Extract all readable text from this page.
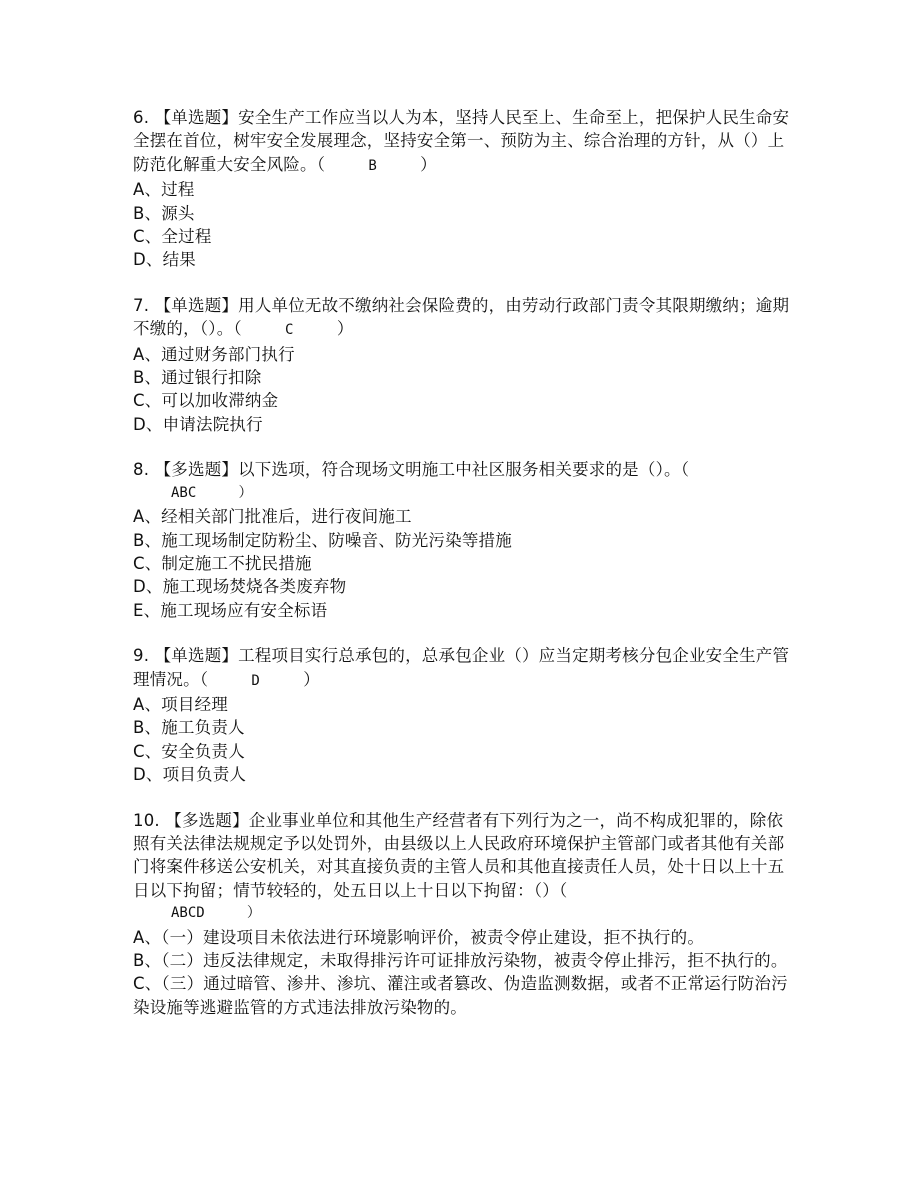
6. 【单选题】安全生产工作应当以人为本，坚持人民至上、生命至上，把保护人民生命安全摆在首位，树牢安全发展理念，坚持安全第一、预防为主、综合治理的方针，从（）上防范化解重大安全风险。（	B	）
A、过程
B、源头
C、全过程
D、结果
7. 【单选题】用人单位无故不缴纳社会保险费的，由劳动行政部门责令其限期缴纳；逾期不缴的，（）。（	C	）
A、通过财务部门执行
B、通过银行扣除
C、可以加收滞纳金
D、申请法院执行
8. 【多选题】以下选项，符合现场文明施工中社区服务相关要求的是（）。（
ABC	）
A、经相关部门批准后，进行夜间施工
B、施工现场制定防粉尘、防噪音、防光污染等措施
C、制定施工不扰民措施
D、施工现场焚烧各类废弃物
E、施工现场应有安全标语
9. 【单选题】工程项目实行总承包的，总承包企业（）应当定期考核分包企业安全生产管理情况。（	D	）
A、项目经理
B、施工负责人
C、安全负责人
D、项目负责人
10. 【多选题】企业事业单位和其他生产经营者有下列行为之一，尚不构成犯罪的，除依照有关法律法规规定予以处罚外，由县级以上人民政府环境保护主管部门或者其他有关部门将案件移送公安机关，对其直接负责的主管人员和其他直接责任人员，处十日以上十五日以下拘留；情节较轻的，处五日以上十日以下拘留：（）（
ABCD	）
A、（一）建设项目未依法进行环境影响评价，被责令停止建设，拒不执行的。
B、（二）违反法律规定，未取得排污许可证排放污染物，被责令停止排污，拒不执行的。
C、（三）通过暗管、渗井、渗坑、灌注或者篡改、伪造监测数据，或者不正常运行防治污染设施等逃避监管的方式违法排放污染物的。
